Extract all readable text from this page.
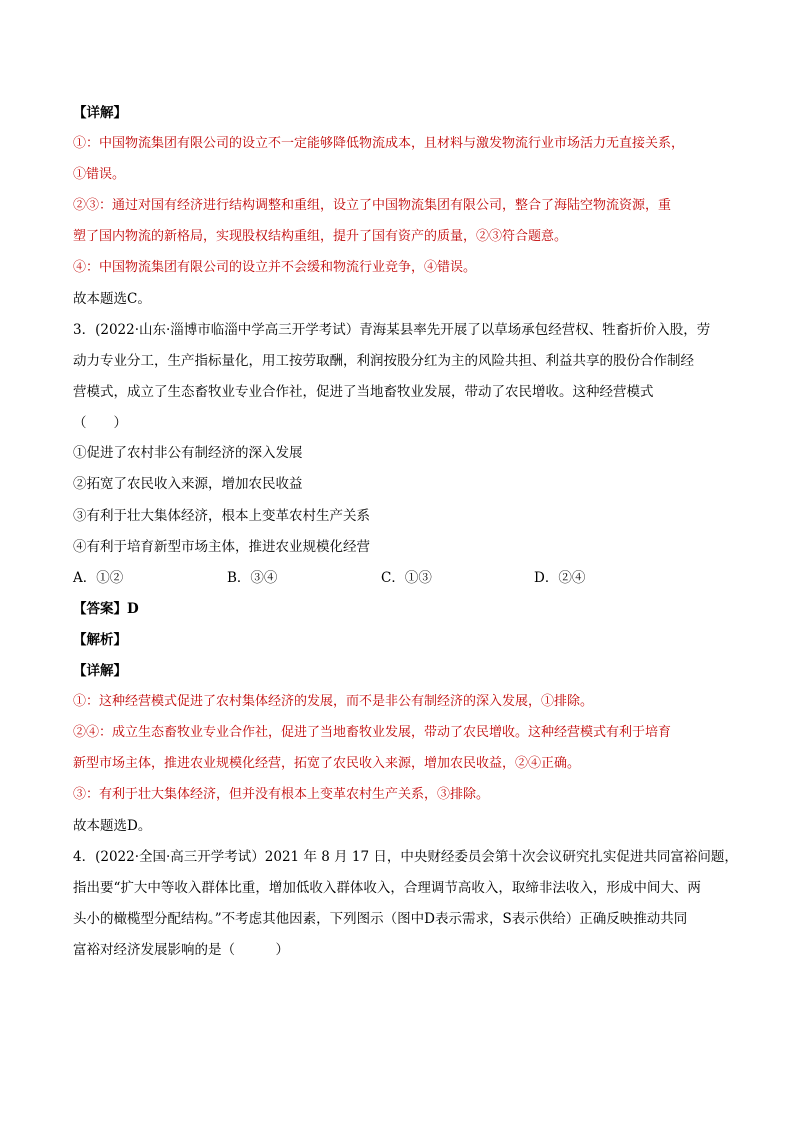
【详解】
①：中国物流集团有限公司的设立不一定能够降低物流成本，且材料与激发物流行业市场活力无直接关系，
①错误。
②③：通过对国有经济进行结构调整和重组，设立了中国物流集团有限公司，整合了海陆空物流资源，重
塑了国内物流的新格局，实现股权结构重组，提升了国有资产的质量，②③符合题意。
④：中国物流集团有限公司的设立并不会缓和物流行业竞争，④错误。
故本题选C。
3．(2022·山东·淄博市临淄中学高三开学考试）青海某县率先开展了以草场承包经营权、牲畜折价入股，劳
动力专业分工，生产指标量化，用工按劳取酬，利润按股分红为主的风险共担、利益共享的股份合作制经
营模式，成立了生态畜牧业专业合作社，促进了当地畜牧业发展，带动了农民增收。这种经营模式
（　　）
①促进了农村非公有制经济的深入发展
②拓宽了农民收入来源，增加农民收益
③有利于壮大集体经济，根本上变革农村生产关系
④有利于培育新型市场主体，推进农业规模化经营
A．①②	B．③④	C．①③	D．②④
【答案】D
【解析】
【详解】
①：这种经营模式促进了农村集体经济的发展，而不是非公有制经济的深入发展，①排除。
②④：成立生态畜牧业专业合作社，促进了当地畜牧业发展，带动了农民增收。这种经营模式有利于培育
新型市场主体，推进农业规模化经营，拓宽了农民收入来源，增加农民收益，②④正确。
③：有利于壮大集体经济，但并没有根本上变革农村生产关系，③排除。
故本题选D。
4．(2022·全国·高三开学考试）2021 年 8 月 17 日，中央财经委员会第十次会议研究扎实促进共同富裕问题，
指出要“扩大中等收入群体比重，增加低收入群体收入，合理调节高收入，取缔非法收入，形成中间大、两
头小的橄榄型分配结构。”不考虑其他因素，下列图示（图中D表示需求，S表示供给）正确反映推动共同
富裕对经济发展影响的是（　　　）
